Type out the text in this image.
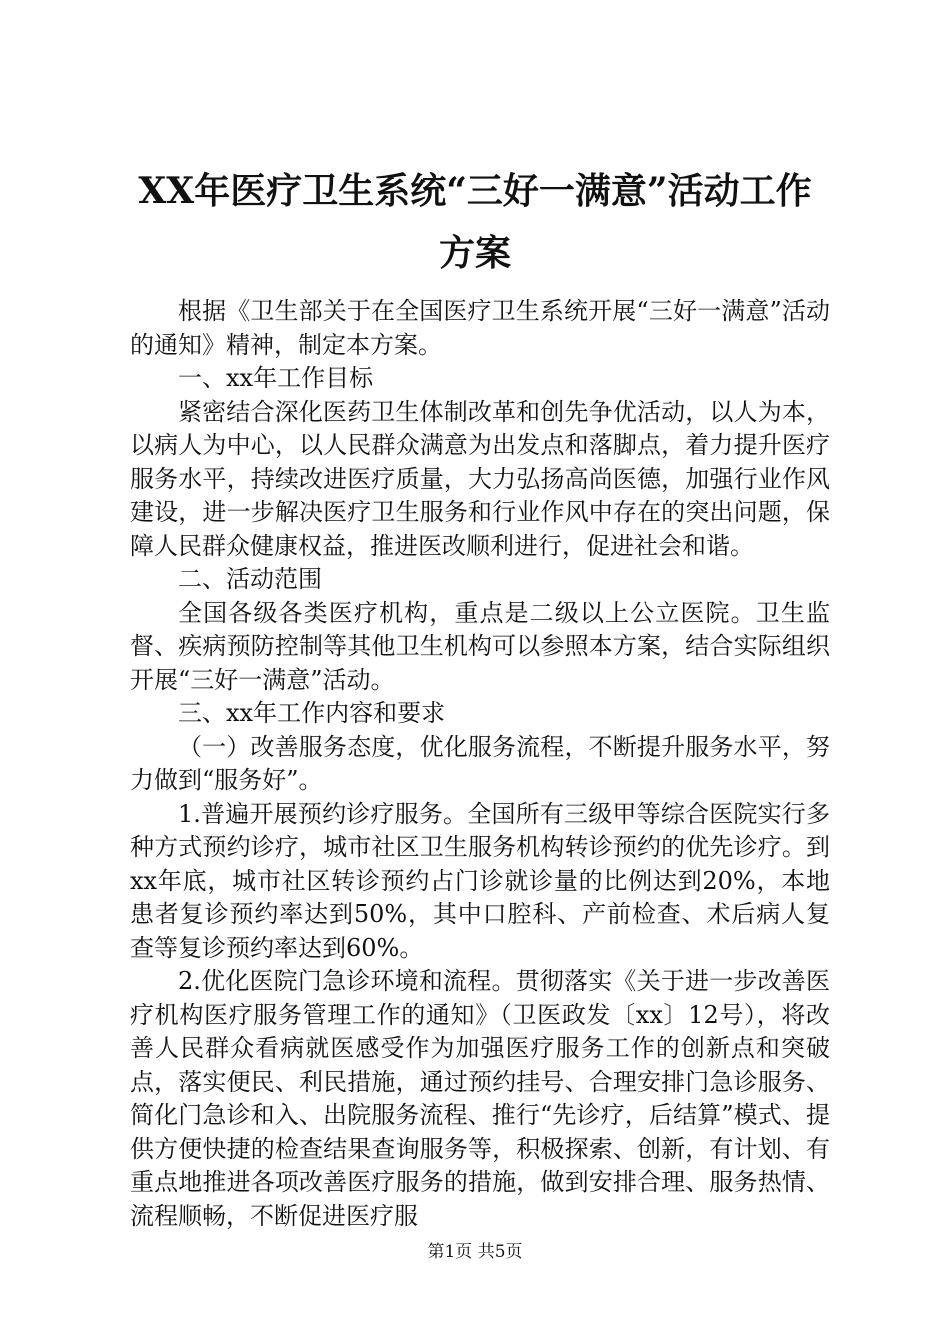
XX年医疗卫生系统“三好一满意”活动工作
方案

根据《卫生部关于在全国医疗卫生系统开展“三好一满意”活动的通知》精神，制定本方案。

一、xx年工作目标

紧密结合深化医药卫生体制改革和创先争优活动，以人为本，以病人为中心，以人民群众满意为出发点和落脚点，着力提升医疗服务水平，持续改进医疗质量，大力弘扬高尚医德，加强行业作风建设，进一步解决医疗卫生服务和行业作风中存在的突出问题，保障人民群众健康权益，推进医改顺利进行，促进社会和谐。

二、活动范围

全国各级各类医疗机构，重点是二级以上公立医院。卫生监督、疾病预防控制等其他卫生机构可以参照本方案，结合实际组织开展“三好一满意”活动。

三、xx年工作内容和要求

（一）改善服务态度，优化服务流程，不断提升服务水平，努力做到“服务好”。

1.普遍开展预约诊疗服务。全国所有三级甲等综合医院实行多种方式预约诊疗，城市社区卫生服务机构转诊预约的优先诊疗。到xx年底，城市社区转诊预约占门诊就诊量的比例达到20%，本地患者复诊预约率达到50%，其中口腔科、产前检查、术后病人复查等复诊预约率达到60%。

2.优化医院门急诊环境和流程。贯彻落实《关于进一步改善医疗机构医疗服务管理工作的通知》（卫医政发〔xx〕12号），将改善人民群众看病就医感受作为加强医疗服务工作的创新点和突破点，落实便民、利民措施，通过预约挂号、合理安排门急诊服务、简化门急诊和入、出院服务流程、推行“先诊疗，后结算”模式、提供方便快捷的检查结果查询服务等，积极探索、创新，有计划、有重点地推进各项改善医疗服务的措施，做到安排合理、服务热情、流程顺畅，不断促进医疗服

第1页 共5页
